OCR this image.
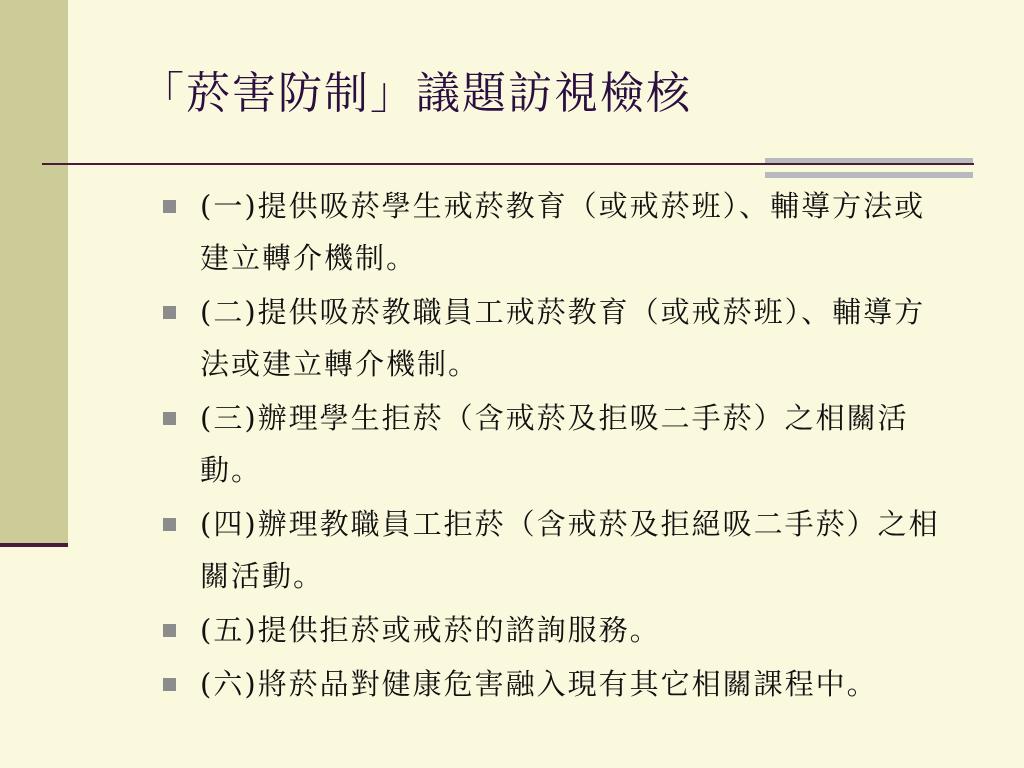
「菸害防制」議題訪視檢核
(一)提供吸菸學生戒菸教育（或戒菸班）、輔導方法或建立轉介機制。
(二)提供吸菸教職員工戒菸教育（或戒菸班）、輔導方法或建立轉介機制。
(三)辦理學生拒菸（含戒菸及拒吸二手菸）之相關活動。
(四)辦理教職員工拒菸（含戒菸及拒絕吸二手菸）之相關活動。
(五)提供拒菸或戒菸的諮詢服務。
(六)將菸品對健康危害融入現有其它相關課程中。
